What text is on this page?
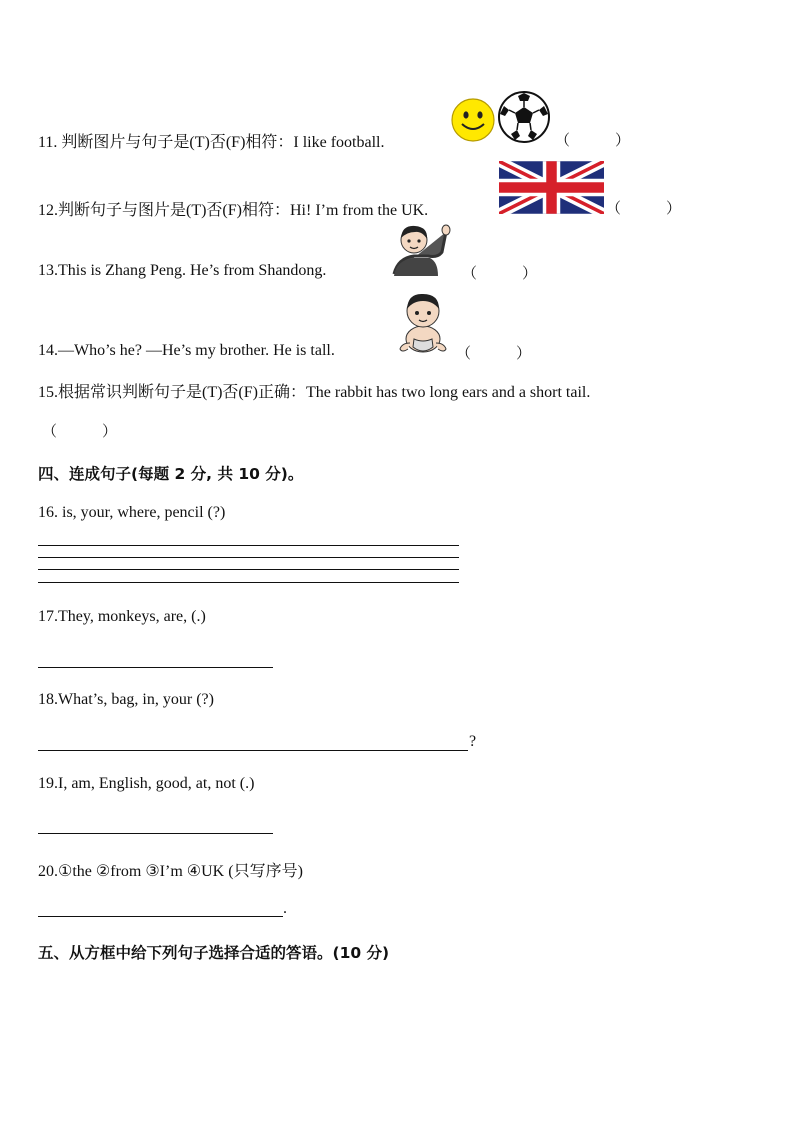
11. 判断图片与句子是(T)否(F)相符：I like football.	（　　　）
12.判断句子与图片是(T)否(F)相符：Hi! I’m from the UK.	（　　　）
13.This is Zhang Peng. He’s from Shandong.	（　　　）
14.—Who’s he? —He’s my brother. He is tall.	（　　　）
15.根据常识判断句子是(T)否(F)正确：The rabbit has two long ears and a short tail.
（　　　）
四、连成句子(每题 2 分, 共 10 分)。
16. is, your, where, pencil (?)
17.They, monkeys, are, (.)
18.What’s, bag, in, your (?)
?
19.I, am, English, good, at, not (.)
20.①the ②from ③I’m ④UK (只写序号)
.
五、从方框中给下列句子选择合适的答语。(10 分)
